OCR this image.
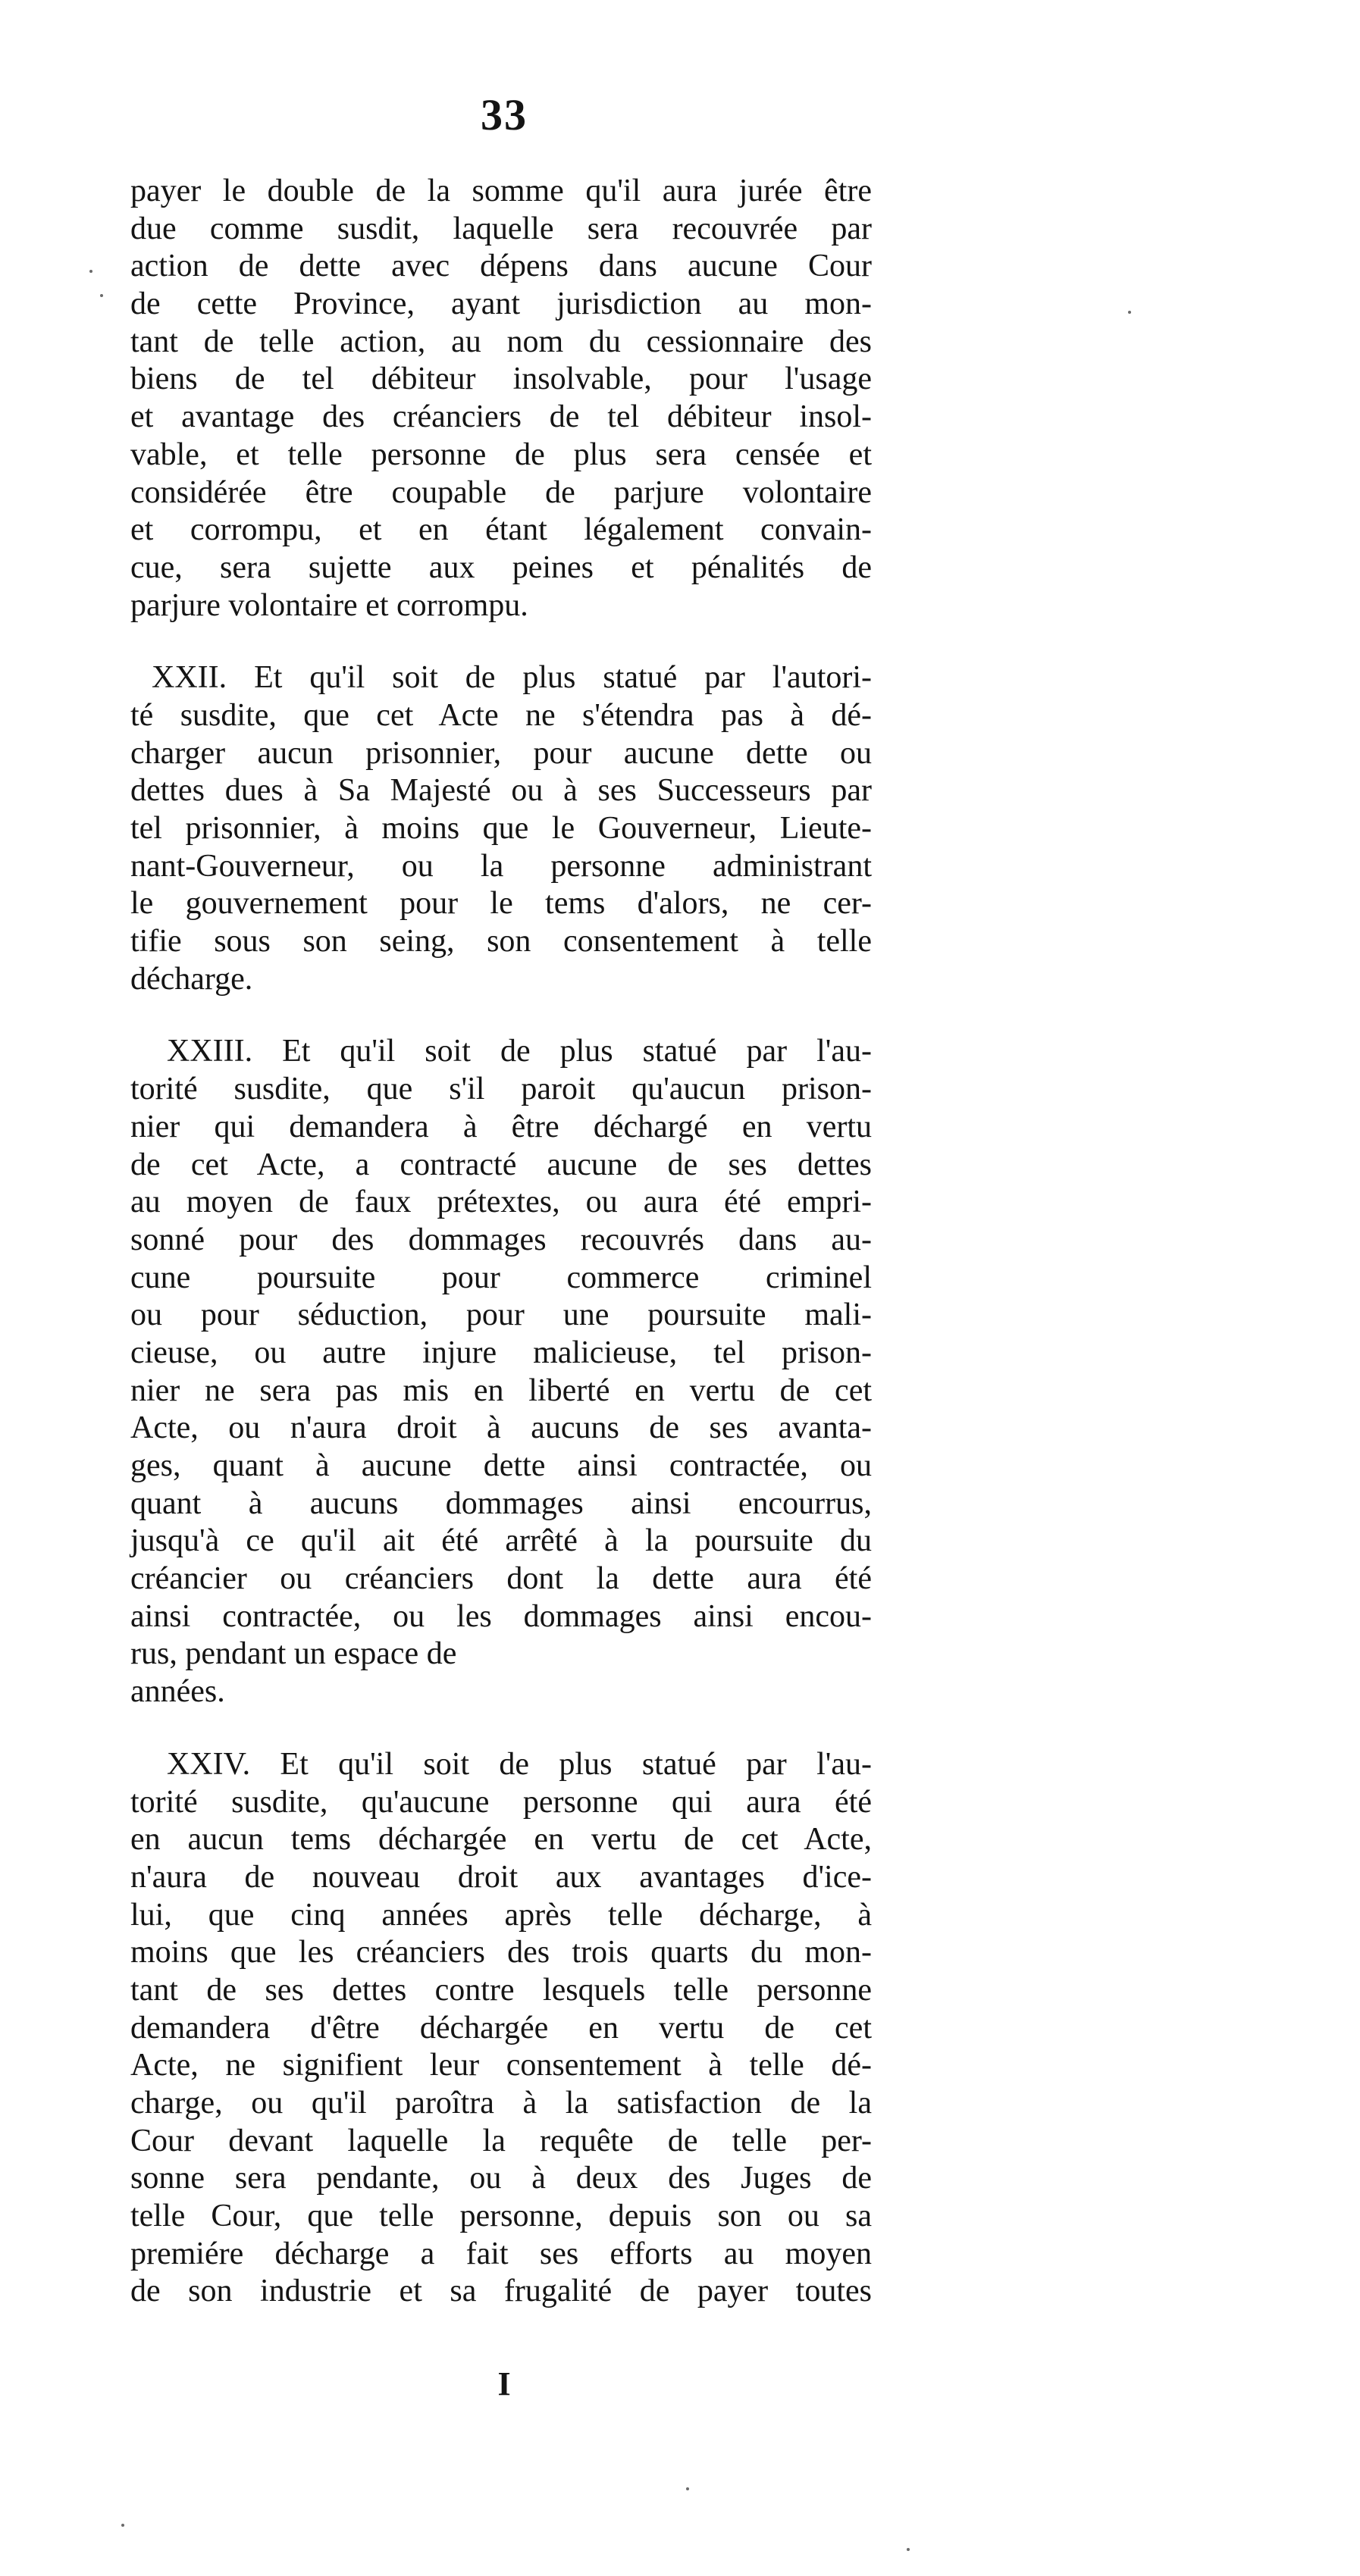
33
payer le double de la somme qu'il aura jurée être
due comme susdit, laquelle sera recouvrée par
action de dette avec dépens dans aucune Cour
de cette Province, ayant jurisdiction au mon-
tant de telle action, au nom du cessionnaire des
biens de tel débiteur insolvable, pour l'usage
et avantage des créanciers de tel débiteur insol-
vable, et telle personne de plus sera censée et
considérée être coupable de parjure volontaire
et corrompu, et en étant légalement convain-
cue, sera sujette aux peines et pénalités de
parjure volontaire et corrompu.
XXII. Et qu'il soit de plus statué par l'autori-
té susdite, que cet Acte ne s'étendra pas à dé-
charger aucun prisonnier, pour aucune dette ou
dettes dues à Sa Majesté ou à ses Successeurs par
tel prisonnier, à moins que le Gouverneur, Lieute-
nant-Gouverneur, ou la personne administrant
le gouvernement pour le tems d'alors, ne cer-
tifie sous son seing, son consentement à telle
décharge.
XXIII. Et qu'il soit de plus statué par l'au-
torité susdite, que s'il paroit qu'aucun prison-
nier qui demandera à être déchargé en vertu
de cet Acte, a contracté aucune de ses dettes
au moyen de faux prétextes, ou aura été empri-
sonné pour des dommages recouvrés dans au-
cune poursuite pour commerce criminel
ou pour séduction, pour une poursuite mali-
cieuse, ou autre injure malicieuse, tel prison-
nier ne sera pas mis en liberté en vertu de cet
Acte, ou n'aura droit à aucuns de ses avanta-
ges, quant à aucune dette ainsi contractée, ou
quant à aucuns dommages ainsi encourrus,
jusqu'à ce qu'il ait été arrêté à la poursuite du
créancier ou créanciers dont la dette aura été
ainsi contractée, ou les dommages ainsi encou-
rus, pendant un espace de
années.
XXIV. Et qu'il soit de plus statué par l'au-
torité susdite, qu'aucune personne qui aura été
en aucun tems déchargée en vertu de cet Acte,
n'aura de nouveau droit aux avantages d'ice-
lui, que cinq années après telle décharge, à
moins que les créanciers des trois quarts du mon-
tant de ses dettes contre lesquels telle personne
demandera d'être déchargée en vertu de cet
Acte, ne signifient leur consentement à telle dé-
charge, ou qu'il paroîtra à la satisfaction de la
Cour devant laquelle la requête de telle per-
sonne sera pendante, ou à deux des Juges de
telle Cour, que telle personne, depuis son ou sa
premiére décharge a fait ses efforts au moyen
de son industrie et sa frugalité de payer toutes
I
